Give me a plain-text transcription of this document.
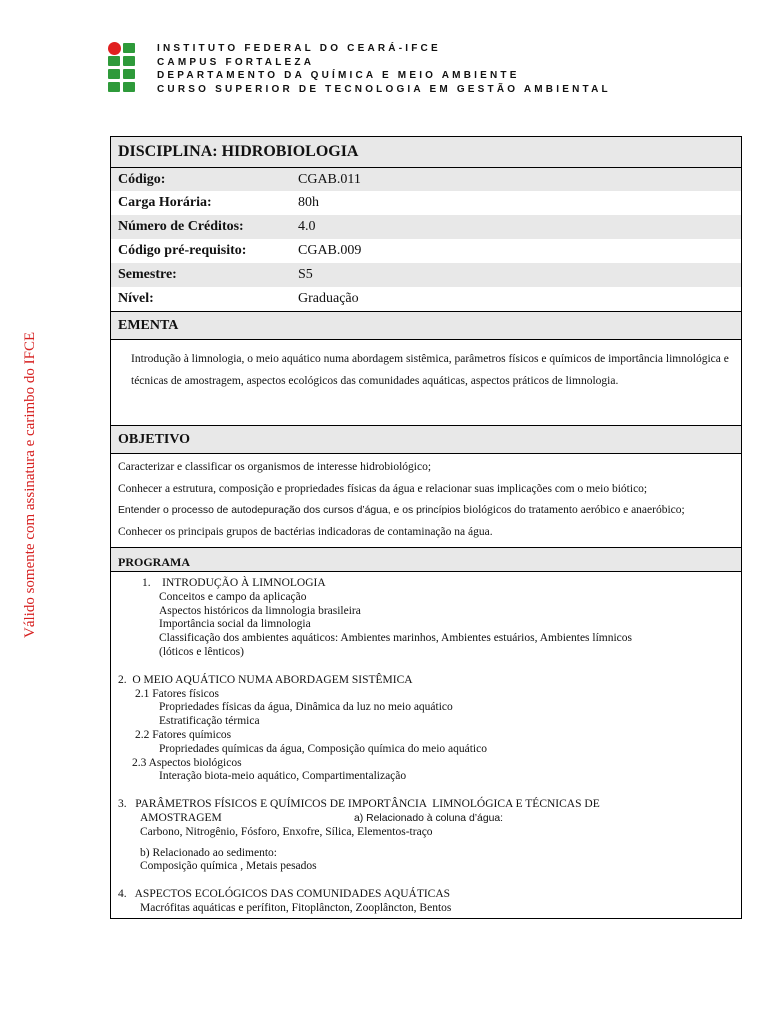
INSTITUTO FEDERAL DO CEARÁ-IFCE
CAMPUS FORTALEZA
DEPARTAMENTO DA QUÍMICA E MEIO AMBIENTE
CURSO SUPERIOR DE TECNOLOGIA EM GESTÃO AMBIENTAL
Válido somente com assinatura e carimbo do IFCE
DISCIPLINA: HIDROBIOLOGIA
Código:	CGAB.011
Carga Horária:	80h
Número de Créditos:	4.0
Código pré-requisito:	CGAB.009
Semestre:	S5
Nível:	Graduação
EMENTA
Introdução à limnologia, o meio aquático numa abordagem sistêmica, parâmetros físicos e químicos de importância limnológica e técnicas de amostragem, aspectos ecológicos das comunidades aquáticas, aspectos práticos de limnologia.
OBJETIVO
Caracterizar e classificar os organismos de interesse hidrobiológico;
Conhecer a estrutura, composição e propriedades físicas da água e relacionar suas implicações com o meio biótico;
Entender o processo de autodepuração dos cursos d’água, e os princípios biológicos do tratamento aeróbico e anaeróbico;
Conhecer os principais grupos de bactérias indicadoras de contaminação na água.
PROGRAMA
1.    INTRODUÇÃO À LIMNOLOGIA
Conceitos e campo da aplicação
Aspectos históricos da limnologia brasileira
Importância social da limnologia
Classificação dos ambientes aquáticos: Ambientes marinhos, Ambientes estuários, Ambientes límnicos
(lóticos e lênticos)
2.  O MEIO AQUÁTICO NUMA ABORDAGEM SISTÊMICA
2.1 Fatores físicos
Propriedades físicas da água, Dinâmica da luz no meio aquático
Estratificação térmica
2.2 Fatores químicos
Propriedades químicas da água, Composição química do meio aquático
2.3 Aspectos biológicos
Interação biota-meio aquático, Compartimentalização
3.   PARÂMETROS FÍSICOS E QUÍMICOS DE IMPORTÂNCIA  LIMNOLÓGICA E TÉCNICAS DE
AMOSTRAGEM	a) Relacionado à coluna d’água:
Carbono, Nitrogênio, Fósforo, Enxofre, Sílica, Elementos-traço
b) Relacionado ao sedimento:
Composição química , Metais pesados
4.   ASPECTOS ECOLÓGICOS DAS COMUNIDADES AQUÁTICAS
Macrófitas aquáticas e perífiton, Fitoplâncton, Zooplâncton, Bentos
